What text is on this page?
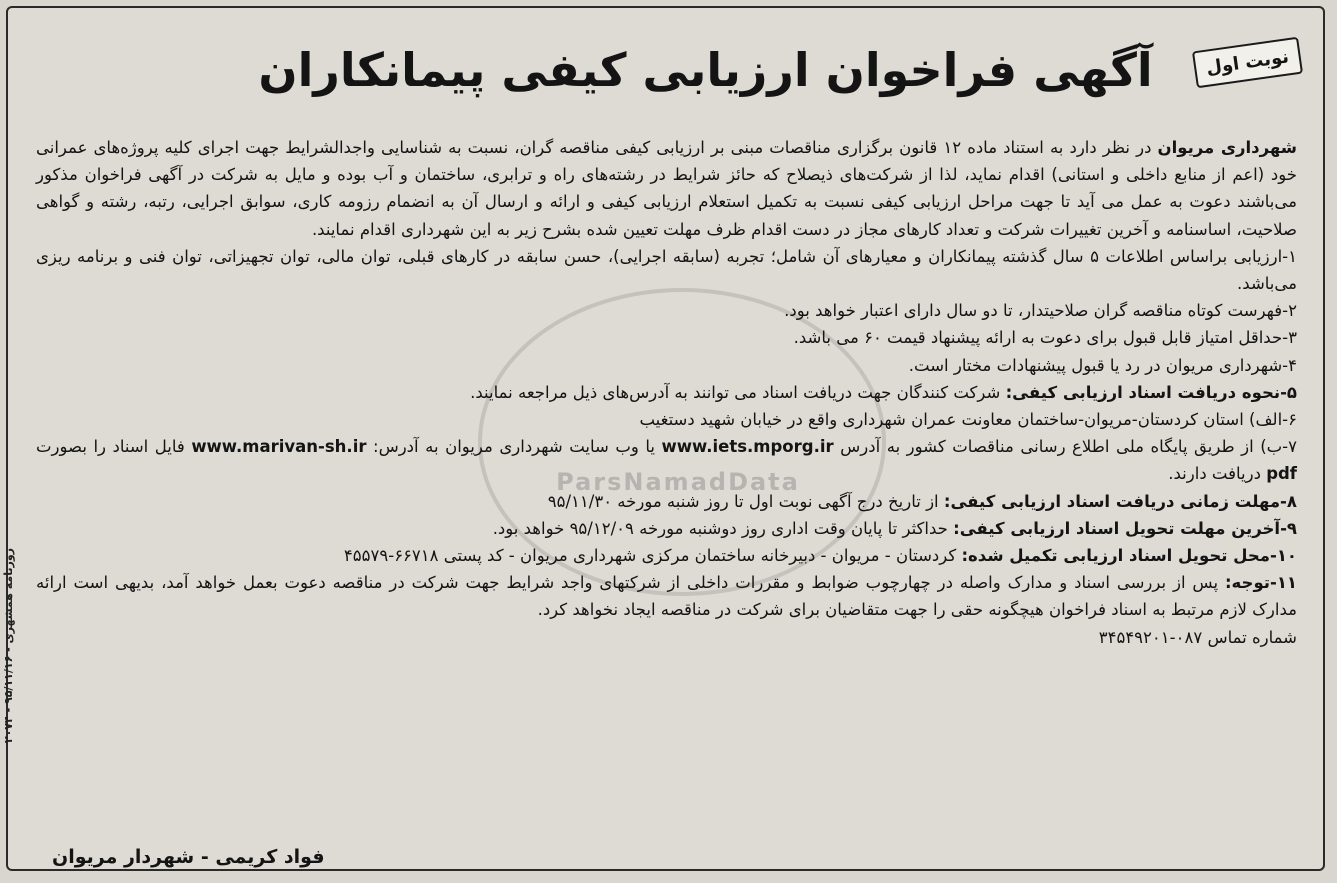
ParsNamadData
نوبت اول
آگهی فراخوان ارزیابی کیفی پیمانکاران

شهرداری مریوان در نظر دارد به استناد ماده ۱۲ قانون برگزاری مناقصات مبنی بر ارزیابی کیفی مناقصه گران، نسبت به شناسایی واجدالشرایط جهت اجرای کلیه پروژه‌های عمرانی خود (اعم از منابع داخلی و استانی) اقدام نماید، لذا از شرکت‌های ذیصلاح که حائز شرایط در رشته‌های راه و ترابری، ساختمان و آب بوده و مایل به شرکت در آگهی فراخوان مذکور می‌باشند دعوت به عمل می آید تا جهت مراحل ارزیابی کیفی نسبت به تکمیل استعلام ارزیابی کیفی و ارائه و ارسال آن به انضمام رزومه کاری، سوابق اجرایی، رتبه، رشته و گواهی صلاحیت، اساسنامه و آخرین تغییرات شرکت و تعداد کارهای مجاز در دست اقدام ظرف مهلت تعیین شده بشرح زیر به این شهرداری اقدام نمایند.

۱-ارزیابی براساس اطلاعات ۵ سال گذشته پیمانکاران و معیارهای آن شامل؛ تجربه (سابقه اجرایی)، حسن سابقه در کارهای قبلی، توان مالی، توان تجهیزاتی، توان فنی و برنامه ریزی می‌باشد.

۲-فهرست کوتاه مناقصه گران صلاحیتدار، تا دو سال دارای اعتبار خواهد بود.

۳-حداقل امتیاز قابل قبول برای دعوت به ارائه پیشنهاد قیمت ۶۰ می باشد.

۴-شهرداری مریوان در رد یا قبول پیشنهادات مختار است.

۵-نحوه دریافت اسناد ارزیابی کیفی: شرکت کنندگان جهت دریافت اسناد می توانند به آدرس‌های ذیل مراجعه نمایند.

۶-الف) استان کردستان-مریوان-ساختمان معاونت عمران شهرداری واقع در خیابان شهید دستغیب

۷-ب) از طریق پایگاه ملی اطلاع رسانی مناقصات کشور به آدرس www.iets.mporg.ir یا وب سایت شهرداری مریوان به آدرس: www.marivan-sh.ir فایل اسناد را بصورت pdf دریافت دارند.

۸-مهلت زمانی دریافت اسناد ارزیابی کیفی: از تاریخ درج آگهی نوبت اول تا روز شنبه مورخه ۹۵/۱۱/۳۰

۹-آخرین مهلت تحویل اسناد ارزیابی کیفی: حداکثر تا پایان وقت اداری روز دوشنبه مورخه ۹۵/۱۲/۰۹ خواهد بود.

۱۰-محل تحویل اسناد ارزیابی تکمیل شده: کردستان - مریوان - دبیرخانه ساختمان مرکزی شهرداری مریوان - کد پستی ۶۶۷۱۸-۴۵۵۷۹

۱۱-توجه: پس از بررسی اسناد و مدارک واصله در چهارچوب ضوابط و مقررات داخلی از شرکتهای واجد شرایط جهت شرکت در مناقصه دعوت بعمل خواهد آمد، بدیهی است ارائه مدارک لازم مرتبط به اسناد فراخوان هیچگونه حقی را جهت متقاضیان برای شرکت در مناقصه ایجاد نخواهد کرد.

شماره تماس ۰۸۷-۳۴۵۴۹۲۰۱

فواد کریمی - شهردار مریوان
روزنامه همشهری - ۹۵/۱۱/۱۶ - ۲۰۷۴
